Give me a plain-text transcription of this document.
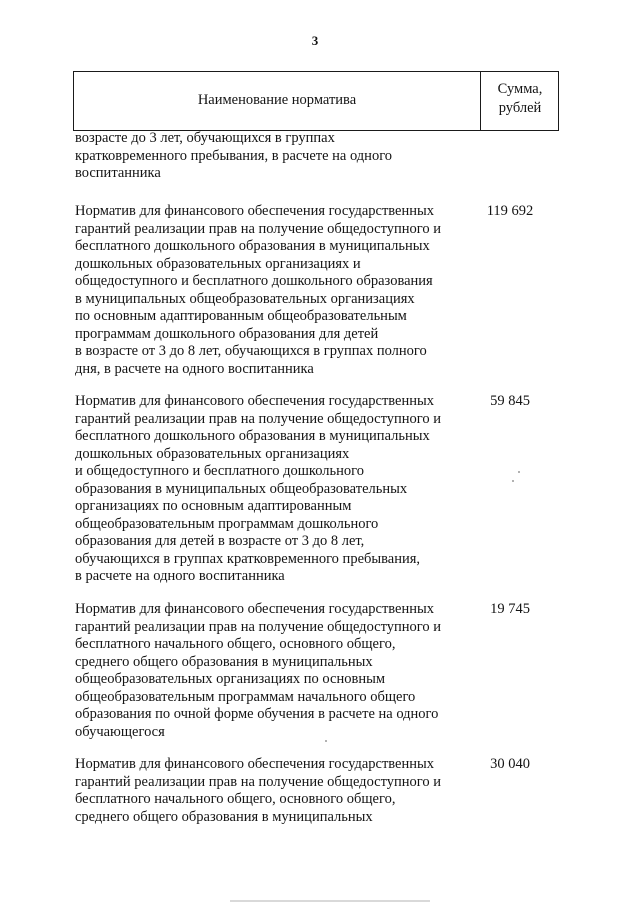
3
Наименование норматива
Сумма,
рублей
возрасте до 3 лет, обучающихся в группах
кратковременного пребывания, в расчете на одного
воспитанника
Норматив для финансового обеспечения государственных
гарантий реализации прав на получение общедоступного и
бесплатного дошкольного образования в муниципальных
дошкольных образовательных организациях и
общедоступного и бесплатного дошкольного образования
в муниципальных общеобразовательных организациях
по основным адаптированным общеобразовательным
программам дошкольного образования для детей
в возрасте от 3 до 8 лет, обучающихся в группах полного
дня, в расчете на одного воспитанника
119 692
Норматив для финансового обеспечения государственных
гарантий реализации прав на получение общедоступного и
бесплатного дошкольного образования в муниципальных
дошкольных образовательных организациях
и общедоступного и бесплатного дошкольного
образования в муниципальных общеобразовательных
организациях по основным адаптированным
общеобразовательным программам дошкольного
образования для детей в возрасте от 3 до 8 лет,
обучающихся в группах кратковременного пребывания,
в расчете на одного воспитанника
59 845
Норматив для финансового обеспечения государственных
гарантий реализации прав на получение общедоступного и
бесплатного начального общего, основного общего,
среднего общего образования в муниципальных
общеобразовательных организациях по основным
общеобразовательным программам начального общего
образования по очной форме обучения в расчете на одного
обучающегося
19 745
Норматив для финансового обеспечения государственных
гарантий реализации прав на получение общедоступного и
бесплатного начального общего, основного общего,
среднего общего образования в муниципальных
30 040
